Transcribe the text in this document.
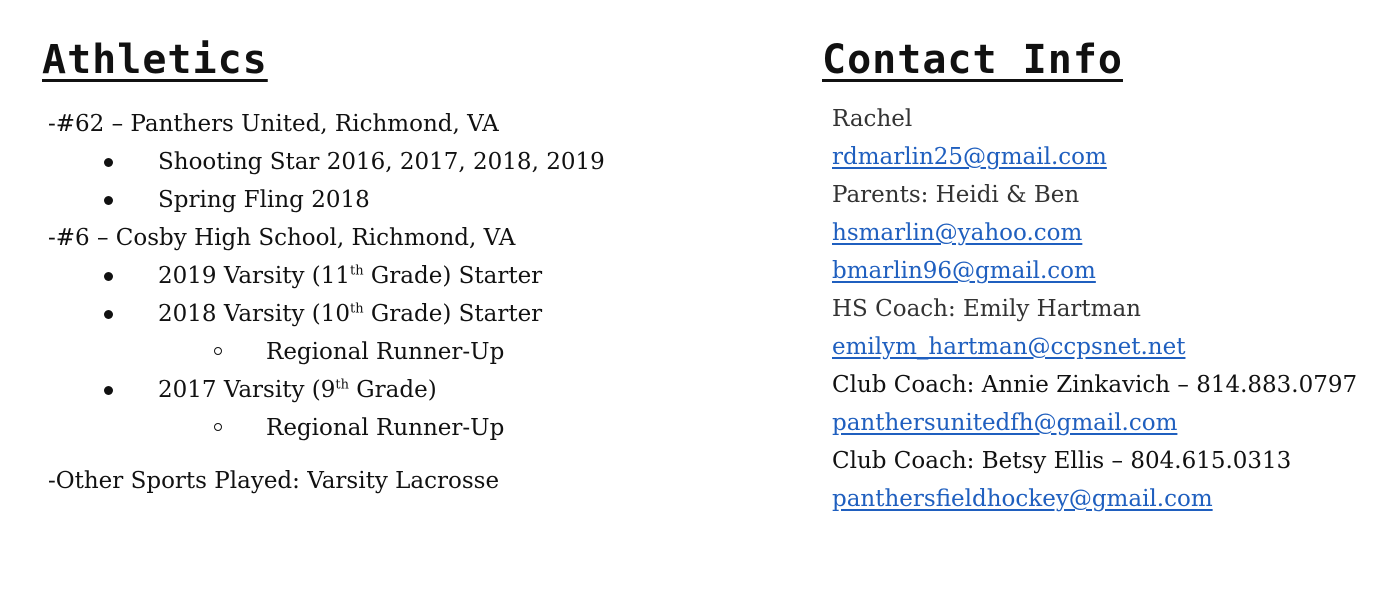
Athletics
-#62 – Panthers United, Richmond, VA
Shooting Star 2016, 2017, 2018, 2019
Spring Fling 2018
-#6 – Cosby High School, Richmond, VA
2019 Varsity (11th Grade) Starter
2018 Varsity (10th Grade) Starter
Regional Runner-Up
2017 Varsity (9th Grade)
Regional Runner-Up
-Other Sports Played: Varsity Lacrosse
Contact Info
Rachel
rdmarlin25@gmail.com
Parents: Heidi & Ben
hsmarlin@yahoo.com
bmarlin96@gmail.com
HS Coach: Emily Hartman
emilym_hartman@ccpsnet.net
Club Coach: Annie Zinkavich – 814.883.0797
panthersunitedfh@gmail.com
Club Coach: Betsy Ellis – 804.615.0313
panthersfieldhockey@gmail.com
